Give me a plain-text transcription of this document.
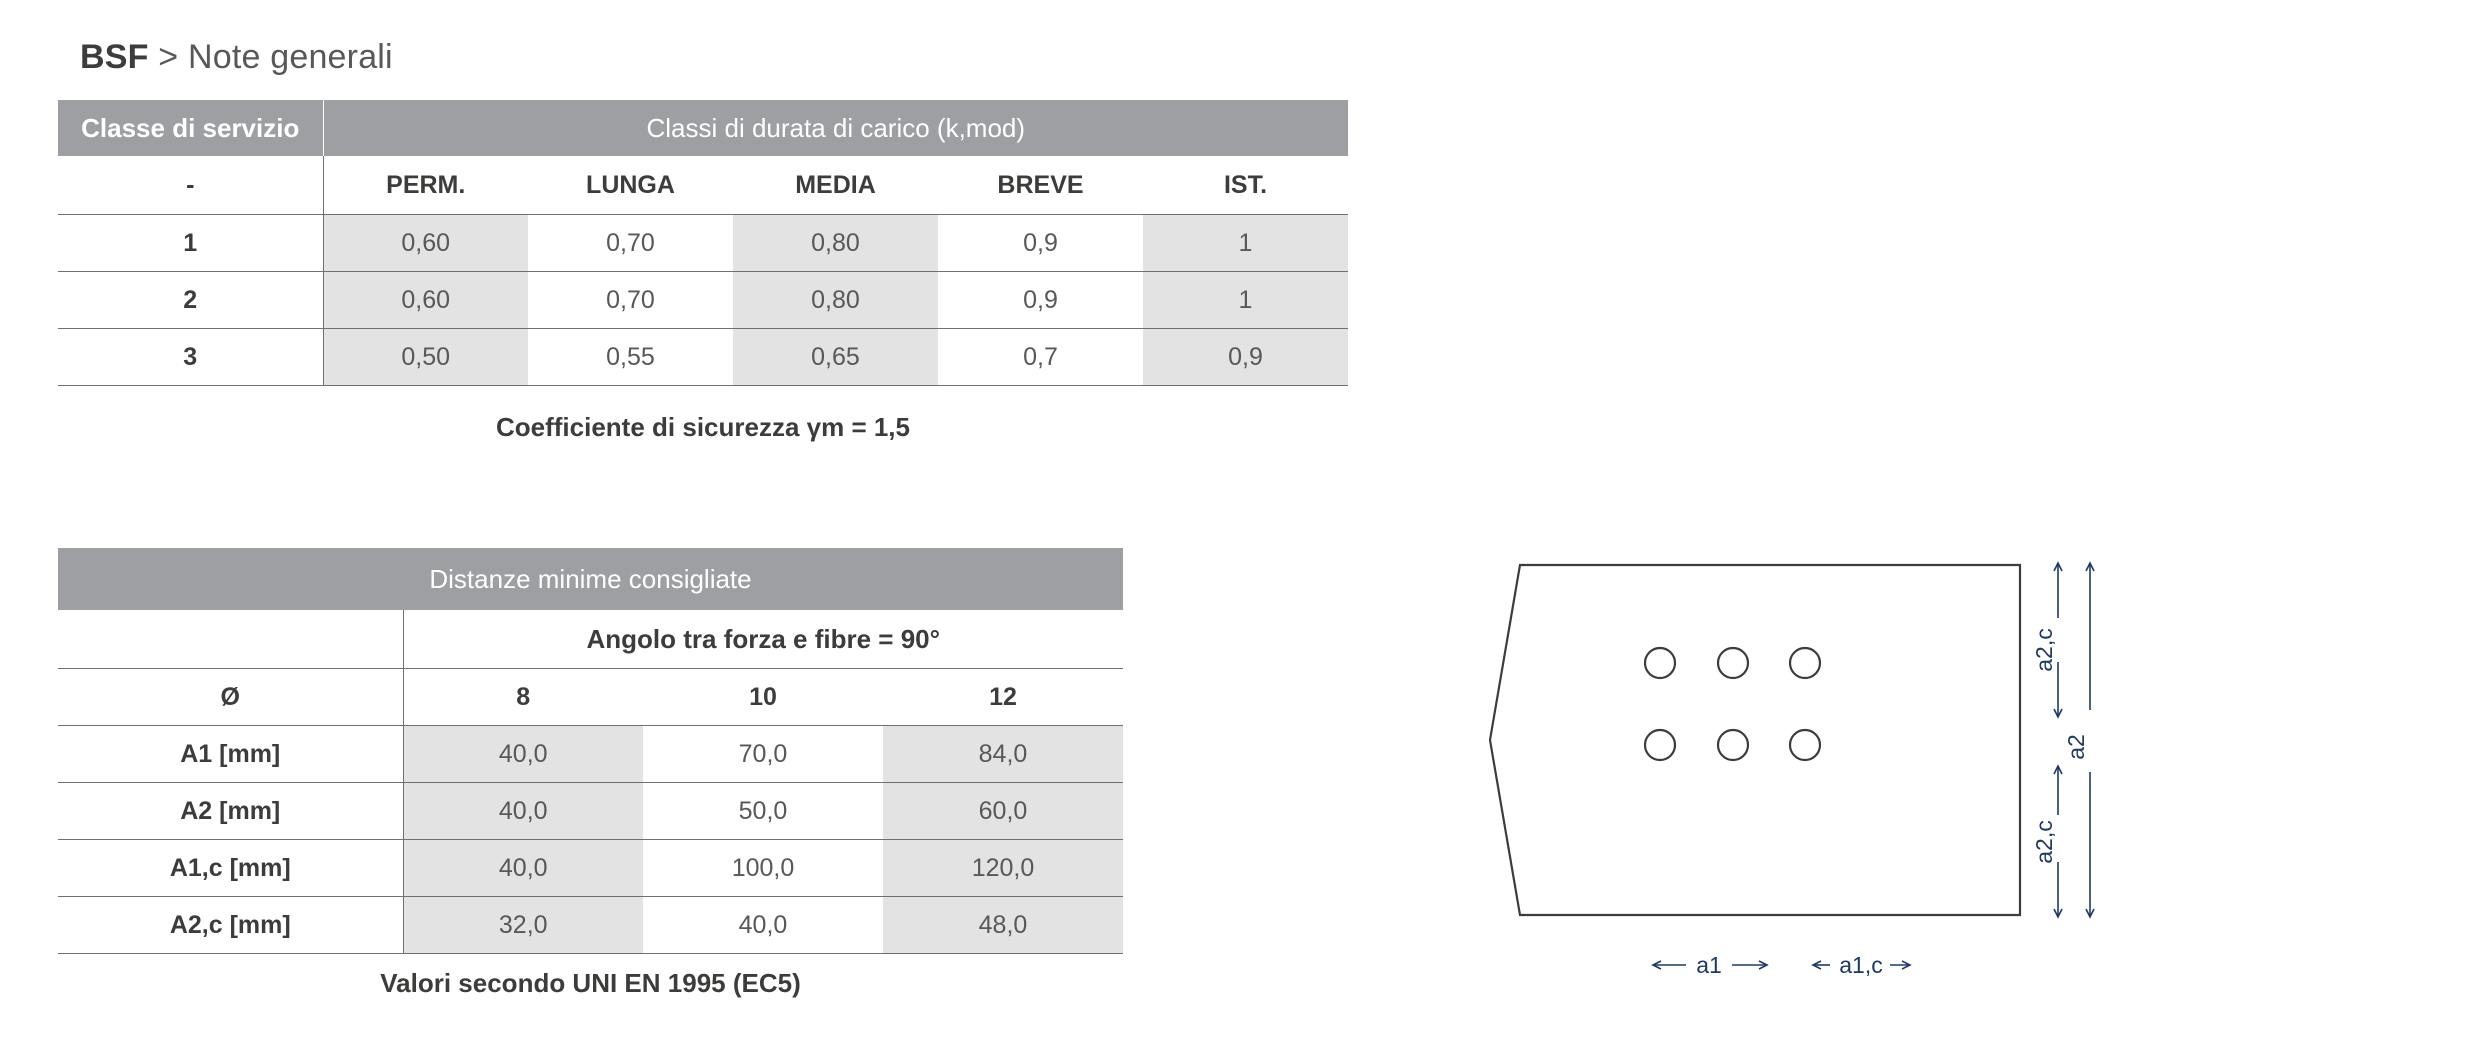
BSF > Note generali
Classe di servizio	Classi di durata di carico (k,mod)				
-	PERM.	LUNGA	MEDIA	BREVE	IST.
1	0,60	0,70	0,80	0,9	1
2	0,60	0,70	0,80	0,9	1
3	0,50	0,55	0,65	0,7	0,9
Coefficiente di sicurezza γm = 1,5
Distanze minime consigliate			
	Angolo tra forza e fibre = 90°		
Ø	8	10	12
A1 [mm]	40,0	70,0	84,0
A2 [mm]	40,0	50,0	60,0
A1,c [mm]	40,0	100,0	120,0
A2,c [mm]	32,0	40,0	48,0
Valori secondo UNI EN 1995 (EC5)			
a2,c
a2
a2,c
a1	a1,c
